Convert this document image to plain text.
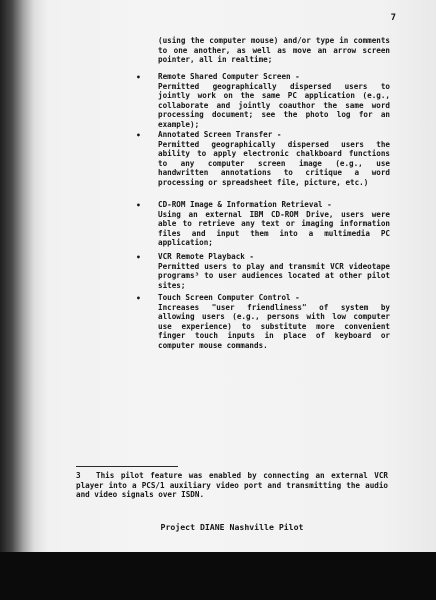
7

(using the computer mouse) and/or type in comments to one another, as well as move an arrow screen pointer, all in realtime;

• Remote Shared Computer Screen -
Permitted geographically dispersed users to jointly work on the same PC application (e.g., collaborate and jointly coauthor the same word processing document; see the photo log for an example);

• Annotated Screen Transfer -
Permitted geographically dispersed users the ability to apply electronic chalkboard functions to any computer screen image (e.g., use handwritten annotations to critique a word processing or spreadsheet file, picture, etc.)

• CD-ROM Image & Information Retrieval -
Using an external IBM CD-ROM Drive, users were able to retrieve any text or imaging information files and input them into a multimedia PC application;

• VCR Remote Playback -
Permitted users to play and transmit VCR videotape programs³ to user audiences located at other pilot sites;

• Touch Screen Computer Control -
Increases "user friendliness" of system by allowing users (e.g., persons with low computer use experience) to substitute more convenient finger touch inputs in place of keyboard or computer mouse commands.

3 This pilot feature was enabled by connecting an external VCR player into a PCS/1 auxiliary video port and transmitting the audio and video signals over ISDN.

Project DIANE Nashville Pilot
